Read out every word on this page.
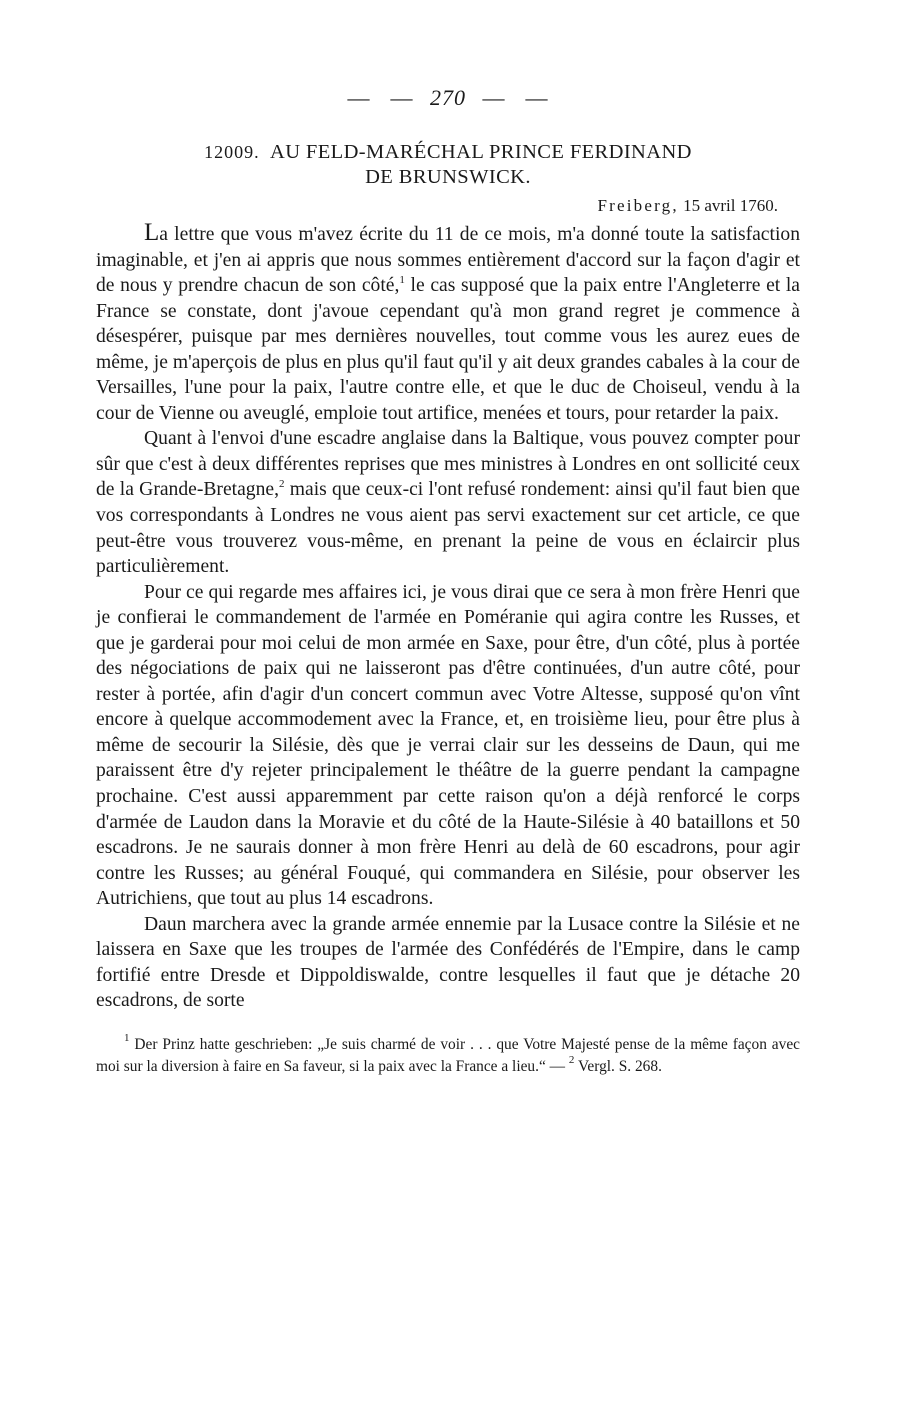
— — 270 — —
12009. AU FELD-MARÉCHAL PRINCE FERDINAND
DE BRUNSWICK.
Freiberg, 15 avril 1760.

La lettre que vous m'avez écrite du 11 de ce mois, m'a donné toute la satisfaction imaginable, et j'en ai appris que nous sommes entièrement d'accord sur la façon d'agir et de nous y prendre chacun de son côté,$^1$ le cas supposé que la paix entre l'Angleterre et la France se constate, dont j'avoue cependant qu'à mon grand regret je commence à désespérer, puisque par mes dernières nouvelles, tout comme vous les aurez eues de même, je m'aperçois de plus en plus qu'il faut qu'il y ait deux grandes cabales à la cour de Versailles, l'une pour la paix, l'autre contre elle, et que le duc de Choiseul, vendu à la cour de Vienne ou aveuglé, emploie tout artifice, menées et tours, pour retarder la paix.

Quant à l'envoi d'une escadre anglaise dans la Baltique, vous pouvez compter pour sûr que c'est à deux différentes reprises que mes ministres à Londres en ont sollicité ceux de la Grande-Bretagne,$^2$ mais que ceux-ci l'ont refusé rondement: ainsi qu'il faut bien que vos correspondants à Londres ne vous aient pas servi exactement sur cet article, ce que peut-être vous trouverez vous-même, en prenant la peine de vous en éclaircir plus particulièrement.

Pour ce qui regarde mes affaires ici, je vous dirai que ce sera à mon frère Henri que je confierai le commandement de l'armée en Poméranie qui agira contre les Russes, et que je garderai pour moi celui de mon armée en Saxe, pour être, d'un côté, plus à portée des négociations de paix qui ne laisseront pas d'être continuées, d'un autre côté, pour rester à portée, afin d'agir d'un concert commun avec Votre Altesse, supposé qu'on vînt encore à quelque accommodement avec la France, et, en troisième lieu, pour être plus à même de secourir la Silésie, dès que je verrai clair sur les desseins de Daun, qui me paraissent être d'y rejeter principalement le théâtre de la guerre pendant la campagne prochaine. C'est aussi apparemment par cette raison qu'on a déjà renforcé le corps d'armée de Laudon dans la Moravie et du côté de la Haute-Silésie à 40 bataillons et 50 escadrons. Je ne saurais donner à mon frère Henri au delà de 60 escadrons, pour agir contre les Russes; au général Fouqué, qui commandera en Silésie, pour observer les Autrichiens, que tout au plus 14 escadrons.

Daun marchera avec la grande armée ennemie par la Lusace contre la Silésie et ne laissera en Saxe que les troupes de l'armée des Confédérés de l'Empire, dans le camp fortifié entre Dresde et Dippoldiswalde, contre lesquelles il faut que je détache 20 escadrons, de sorte

$^1$ Der Prinz hatte geschrieben: „Je suis charmé de voir . . . que Votre Majesté pense de la même façon avec moi sur la diversion à faire en Sa faveur, si la paix avec la France a lieu.“ — $^2$ Vergl. S. 268.
